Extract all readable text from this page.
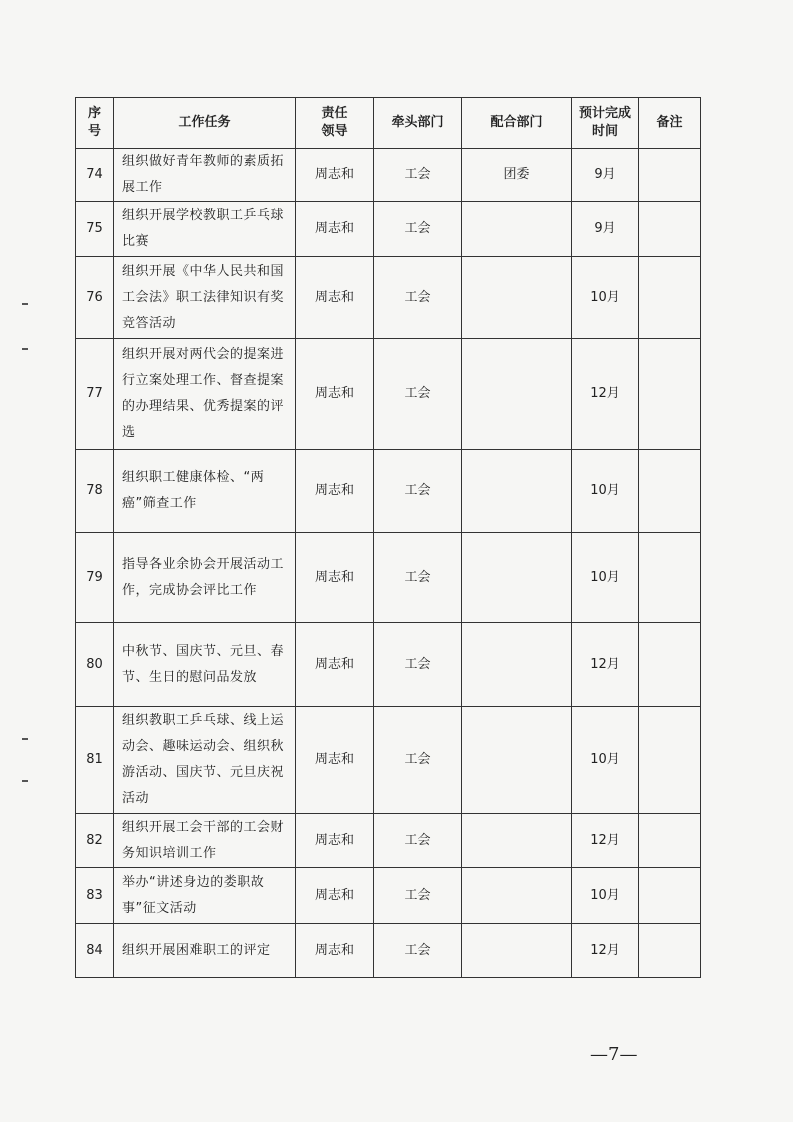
序号	工作任务	责任领导	牵头部门	配合部门	预计完成时间	备注
74	组织做好青年教师的素质拓展工作	周志和	工会	团委	9月	
75	组织开展学校教职工乒乓球比赛	周志和	工会		9月	
76	组织开展《中华人民共和国工会法》职工法律知识有奖竞答活动	周志和	工会		10月	
77	组织开展对两代会的提案进行立案处理工作、督查提案的办理结果、优秀提案的评选	周志和	工会		12月	
78	组织职工健康体检、“两癌”筛查工作	周志和	工会		10月	
79	指导各业余协会开展活动工作，完成协会评比工作	周志和	工会		10月	
80	中秋节、国庆节、元旦、春节、生日的慰问品发放	周志和	工会		12月	
81	组织教职工乒乓球、线上运动会、趣味运动会、组织秋游活动、国庆节、元旦庆祝活动	周志和	工会		10月	
82	组织开展工会干部的工会财务知识培训工作	周志和	工会		12月	
83	举办“讲述身边的娄职故事”征文活动	周志和	工会		10月	
84	组织开展困难职工的评定	周志和	工会		12月	
—7—
